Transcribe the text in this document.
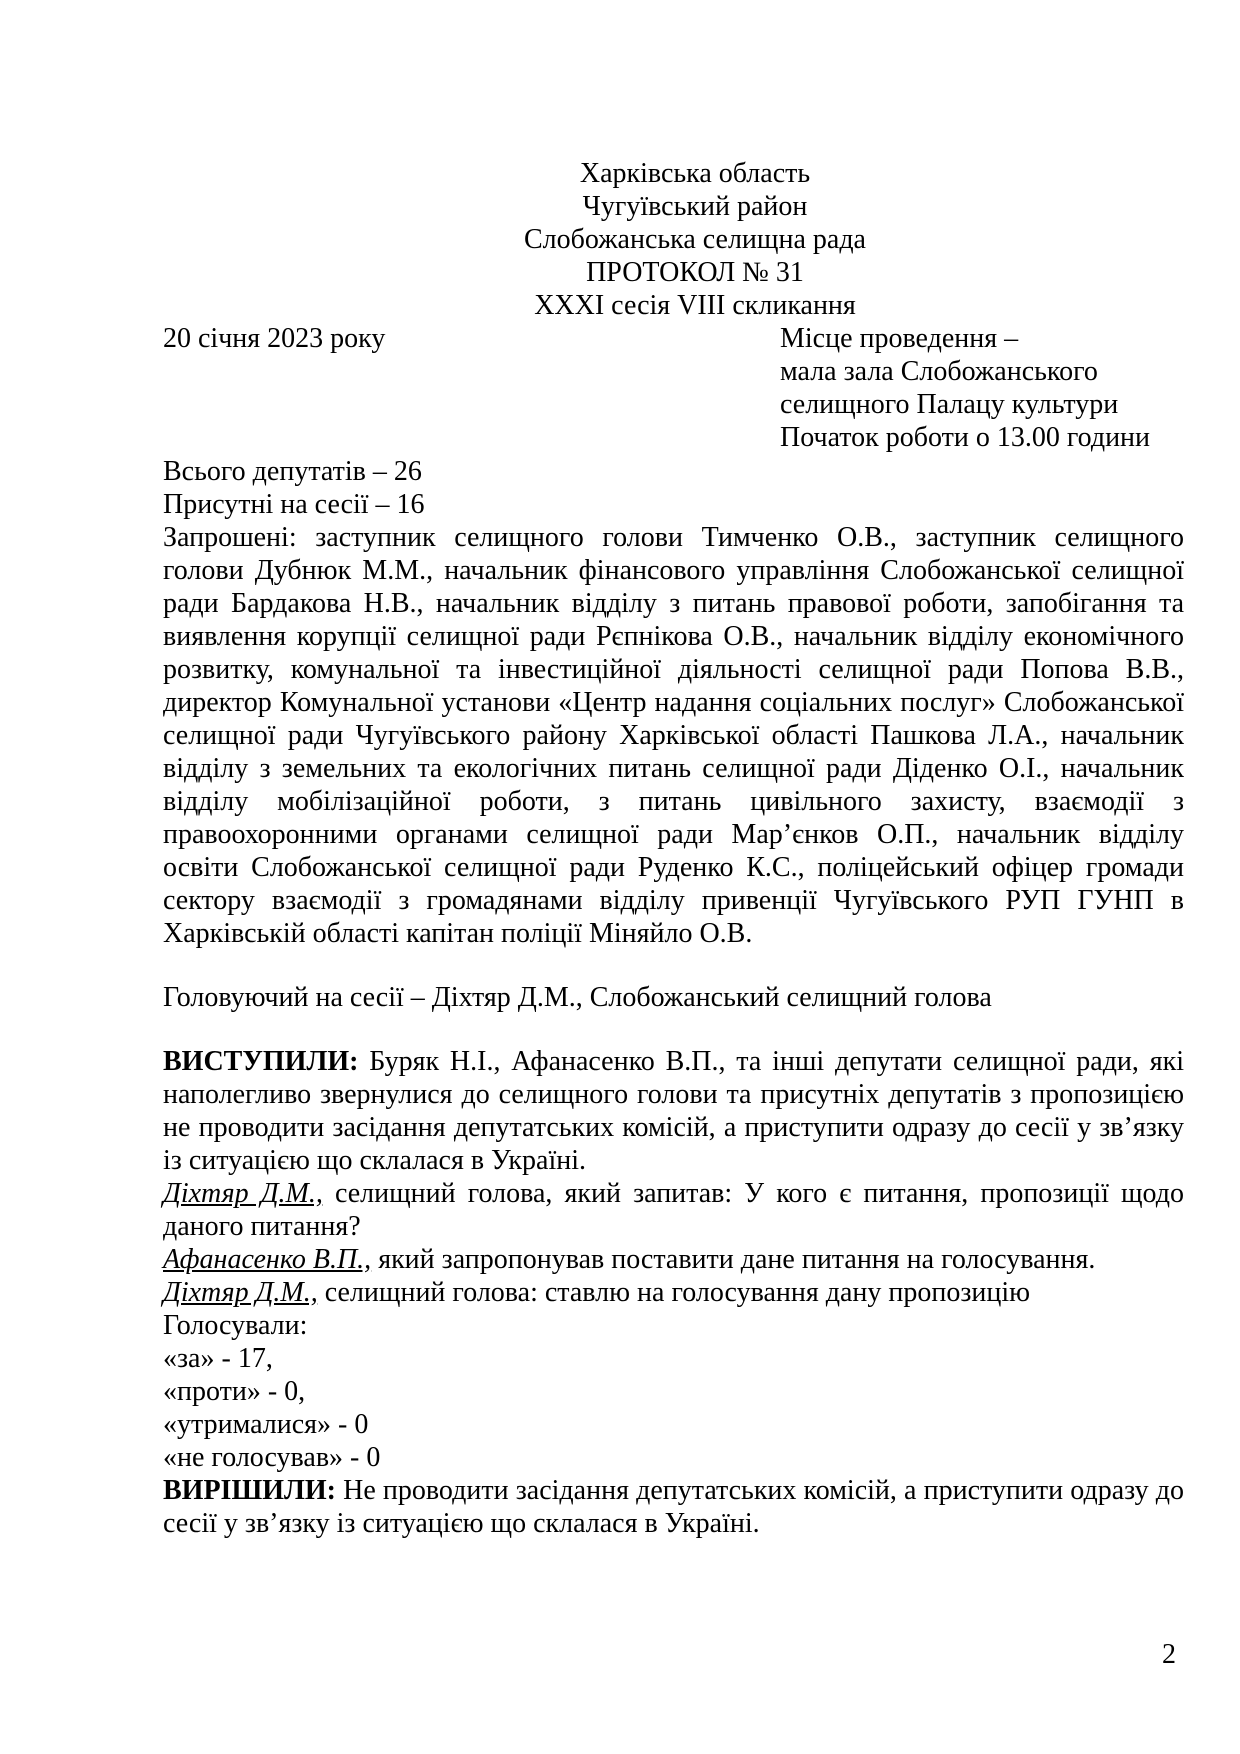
Харківська область
Чугуївський район
Слобожанська селищна рада
ПРОТОКОЛ № 31
XXXI сесія VIII скликання
20 січня 2023 року	Місце проведення –
мала зала Слобожанського
селищного Палацу культури
Початок роботи о 13.00 години
Всього депутатів – 26
Присутні на сесії – 16
Запрошені: заступник селищного голови Тимченко О.В., заступник селищного голови Дубнюк М.М., начальник фінансового управління Слобожанської селищної ради Бардакова Н.В., начальник відділу з питань правової роботи, запобігання та виявлення корупції селищної ради Рєпнікова О.В., начальник відділу економічного розвитку, комунальної та інвестиційної діяльності селищної ради Попова В.В., директор Комунальної установи «Центр надання соціальних послуг» Слобожанської селищної ради Чугуївського району Харківської області Пашкова Л.А., начальник відділу з земельних та екологічних питань селищної ради Діденко О.І., начальник відділу мобілізаційної роботи, з питань цивільного захисту, взаємодії з правоохоронними органами селищної ради Мар’єнков О.П., начальник відділу освіти Слобожанської селищної ради Руденко К.С., поліцейський офіцер громади сектору взаємодії з громадянами відділу привенції Чугуївського РУП ГУНП в Харківській області капітан поліції Міняйло О.В.
Головуючий на сесії – Діхтяр Д.М., Слобожанський селищний голова
ВИСТУПИЛИ: Буряк Н.І., Афанасенко В.П., та інші депутати селищної ради, які наполегливо звернулися до селищного голови та присутніх депутатів з пропозицією не проводити засідання депутатських комісій, а приступити одразу до сесії у зв’язку із ситуацією що склалася в Україні.
Діхтяр Д.М., селищний голова, який запитав: У кого є питання, пропозиції щодо даного питання?
Афанасенко В.П., який запропонував поставити дане питання на голосування.
Діхтяр Д.М., селищний голова: ставлю на голосування дану пропозицію
Голосували:
«за» - 17,
«проти» - 0,
«утрималися» - 0
«не голосував» - 0
ВИРІШИЛИ: Не проводити засідання депутатських комісій, а приступити одразу до сесії у зв’язку із ситуацією що склалася в Україні.
2
